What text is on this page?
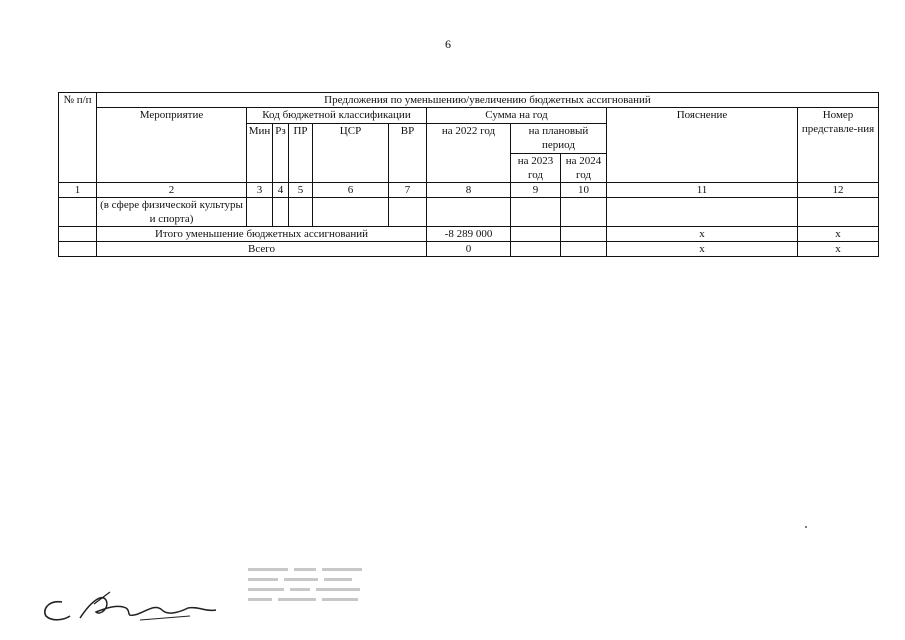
6
№ п/п	Предложения по уменьшению/увеличению бюджетных ассигнований										
	Мероприятие	Код бюджетной классификации					Сумма на год			Пояснение	Номер представле-ния
		Мин	Рз	ПР	ЦСР	ВР	на 2022 год	на плановый период			
								на 2023 год	на 2024 год		

1	2	3	4	5	6	7	8	9	10	11	12
	(в сфере физической культуры и спорта)										
	Итого уменьшение бюджетных ассигнований						-8 289 000			х	х
	Всего						0			х	х
